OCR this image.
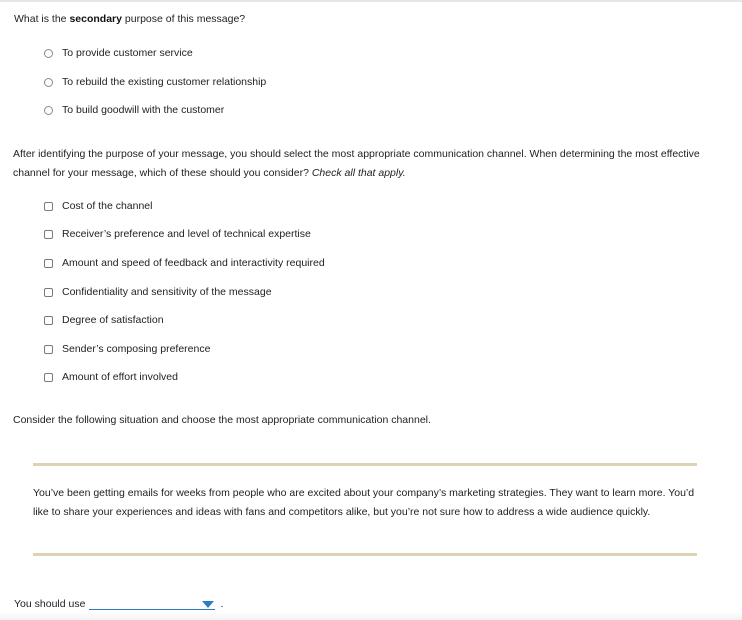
What is the secondary purpose of this message?
To provide customer service
To rebuild the existing customer relationship
To build goodwill with the customer
After identifying the purpose of your message, you should select the most appropriate communication channel. When determining the most effective channel for your message, which of these should you consider? Check all that apply.
Cost of the channel
Receiver’s preference and level of technical expertise
Amount and speed of feedback and interactivity required
Confidentiality and sensitivity of the message
Degree of satisfaction
Sender’s composing preference
Amount of effort involved
Consider the following situation and choose the most appropriate communication channel.
You’ve been getting emails for weeks from people who are excited about your company’s marketing strategies. They want to learn more. You’d like to share your experiences and ideas with fans and competitors alike, but you’re not sure how to address a wide audience quickly.
You should use	.
